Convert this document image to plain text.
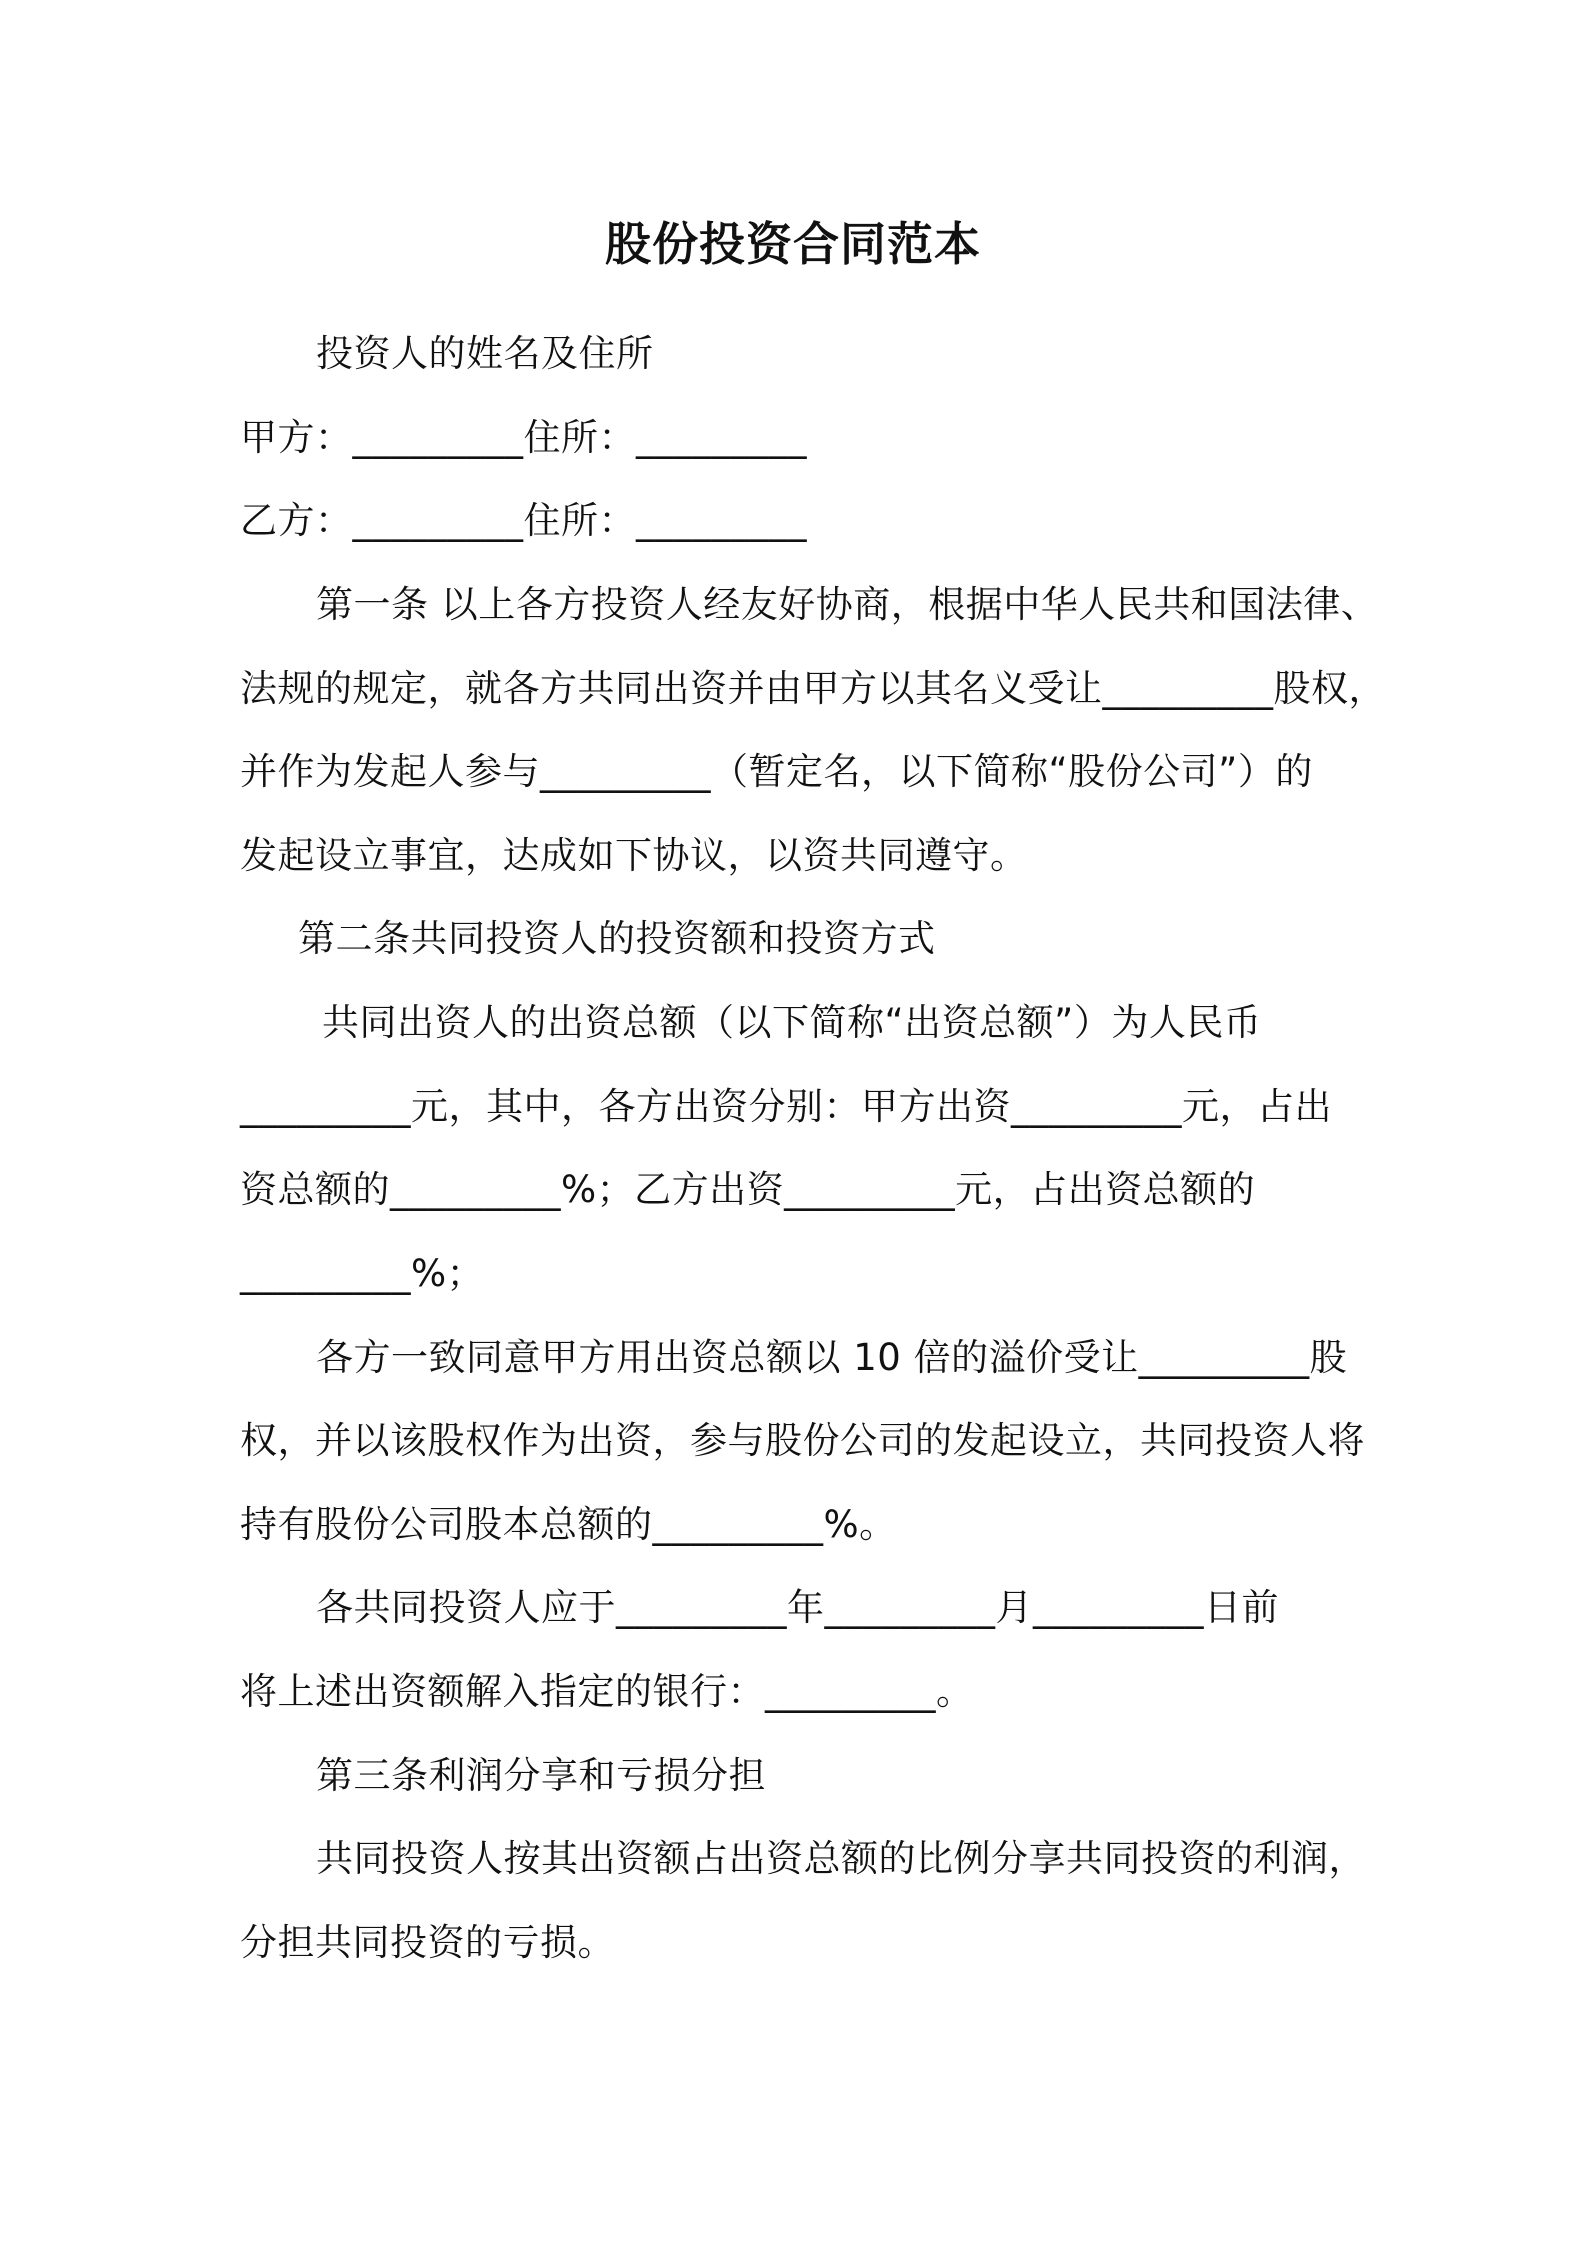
股份投资合同范本
投资人的姓名及住所
甲方：_________住所：_________
乙方：_________住所：_________
第一条 以上各方投资人经友好协商，根据中华人民共和国法律、
法规的规定，就各方共同出资并由甲方以其名义受让_________股权，
并作为发起人参与_________（暂定名，以下简称“股份公司”）的
发起设立事宜，达成如下协议，以资共同遵守。
第二条共同投资人的投资额和投资方式
共同出资人的出资总额（以下简称“出资总额”）为人民币
_________元，其中，各方出资分别：甲方出资_________元，占出
资总额的_________%；乙方出资_________元，占出资总额的
_________%；
各方一致同意甲方用出资总额以 10 倍的溢价受让_________股
权，并以该股权作为出资，参与股份公司的发起设立，共同投资人将
持有股份公司股本总额的_________%。
各共同投资人应于_________年_________月_________日前
将上述出资额解入指定的银行：_________。
第三条利润分享和亏损分担
共同投资人按其出资额占出资总额的比例分享共同投资的利润，
分担共同投资的亏损。
